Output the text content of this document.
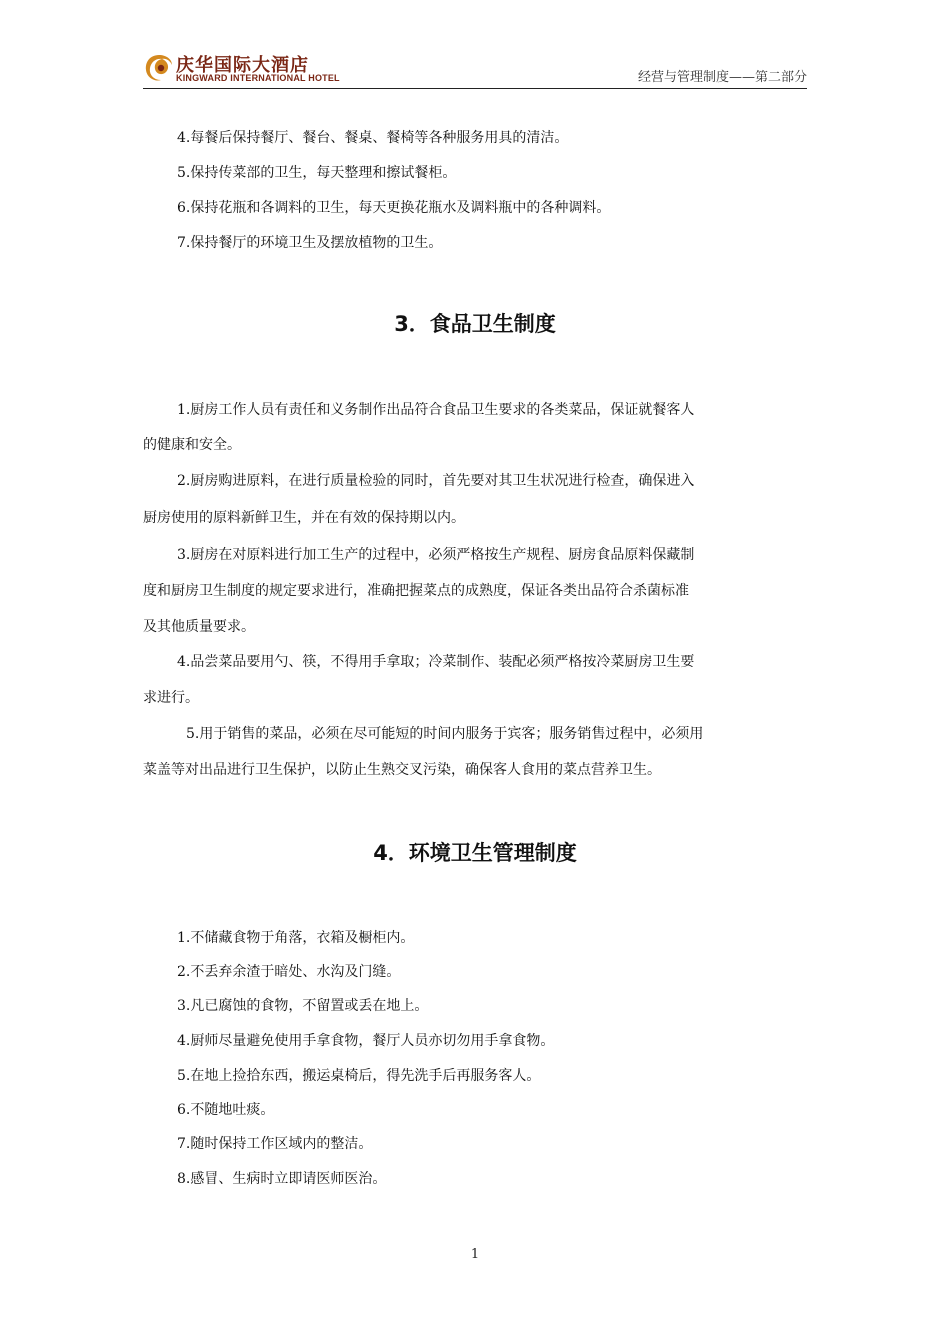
庆华国际大酒店
KINGWARD INTERNATIONAL HOTEL	经营与管理制度——第二部分
4.每餐后保持餐厅、餐台、餐桌、餐椅等各种服务用具的清洁。
5.保持传菜部的卫生，每天整理和擦试餐柜。
6.保持花瓶和各调料的卫生，每天更换花瓶水及调料瓶中的各种调料。
7.保持餐厅的环境卫生及摆放植物的卫生。
3．食品卫生制度
1.厨房工作人员有责任和义务制作出品符合食品卫生要求的各类菜品，保证就餐客人
的健康和安全。
2.厨房购进原料，在进行质量检验的同时，首先要对其卫生状况进行检查，确保进入
厨房使用的原料新鲜卫生，并在有效的保持期以内。
3.厨房在对原料进行加工生产的过程中，必须严格按生产规程、厨房食品原料保藏制
度和厨房卫生制度的规定要求进行，准确把握菜点的成熟度，保证各类出品符合杀菌标准
及其他质量要求。
4.品尝菜品要用勺、筷，不得用手拿取；冷菜制作、装配必须严格按冷菜厨房卫生要
求进行。
5.用于销售的菜品，必须在尽可能短的时间内服务于宾客；服务销售过程中，必须用
菜盖等对出品进行卫生保护，以防止生熟交叉污染，确保客人食用的菜点营养卫生。
4．环境卫生管理制度
1.不储藏食物于角落，衣箱及橱柜内。
2.不丢弃余渣于暗处、水沟及门缝。
3.凡已腐蚀的食物，不留置或丢在地上。
4.厨师尽量避免使用手拿食物，餐厅人员亦切勿用手拿食物。
5.在地上捡拾东西，搬运桌椅后，得先洗手后再服务客人。
6.不随地吐痰。
7.随时保持工作区域内的整洁。
8.感冒、生病时立即请医师医治。
1
